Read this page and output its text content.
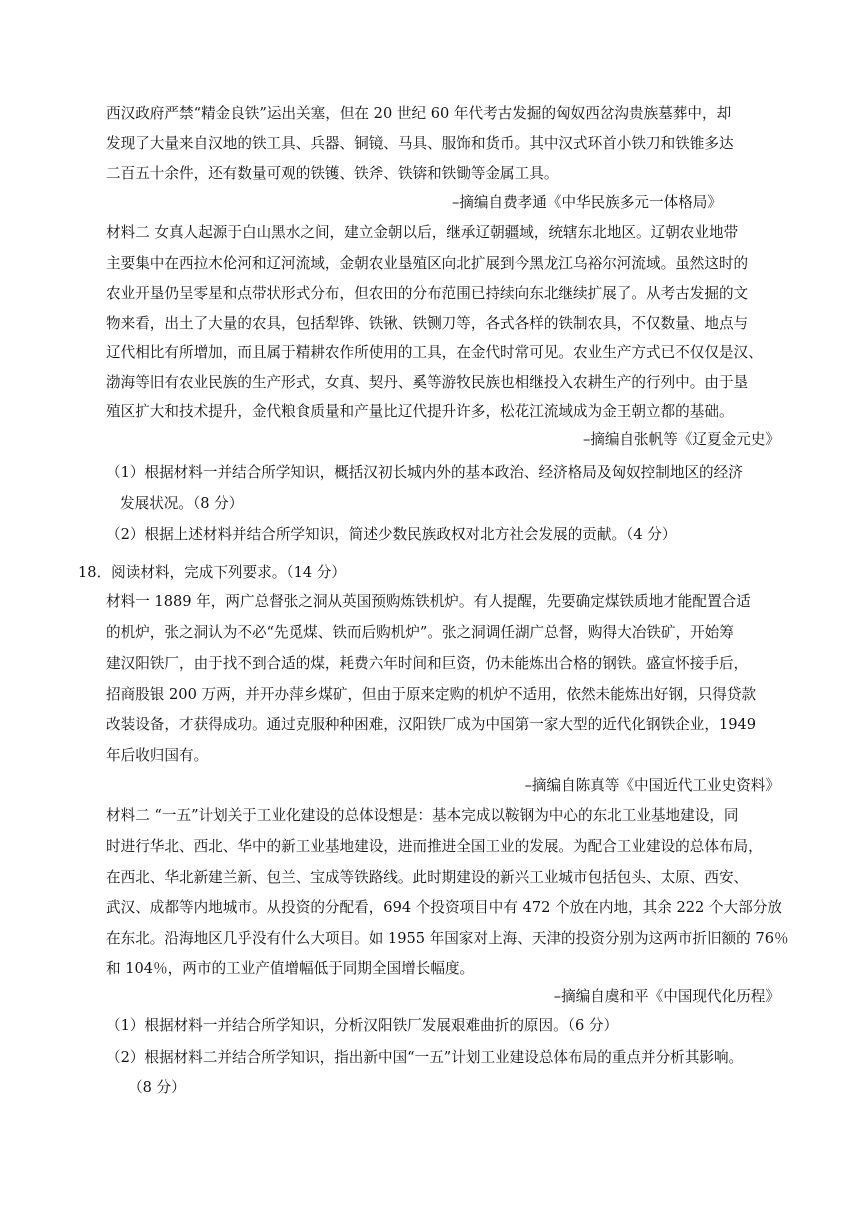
西汉政府严禁“精金良铁”运出关塞，但在 20 世纪 60 年代考古发掘的匈奴西岔沟贵族墓葬中，却
发现了大量来自汉地的铁工具、兵器、铜镜、马具、服饰和货币。其中汉式环首小铁刀和铁锥多达
二百五十余件，还有数量可观的铁镬、铁斧、铁锛和铁锄等金属工具。
–摘编自费孝通《中华民族多元一体格局》
材料二 女真人起源于白山黑水之间，建立金朝以后，继承辽朝疆域，统辖东北地区。辽朝农业地带
主要集中在西拉木伦河和辽河流域，金朝农业垦殖区向北扩展到今黑龙江乌裕尔河流域。虽然这时的
农业开垦仍呈零星和点带状形式分布，但农田的分布范围已持续向东北继续扩展了。从考古发掘的文
物来看，出土了大量的农具，包括犁铧、铁锹、铁铡刀等，各式各样的铁制农具，不仅数量、地点与
辽代相比有所增加，而且属于精耕农作所使用的工具，在金代时常可见。农业生产方式已不仅仅是汉、
渤海等旧有农业民族的生产形式，女真、契丹、奚等游牧民族也相继投入农耕生产的行列中。由于垦
殖区扩大和技术提升，金代粮食质量和产量比辽代提升许多，松花江流域成为金王朝立都的基础。
–摘编自张帆等《辽夏金元史》
（1）根据材料一并结合所学知识，概括汉初长城内外的基本政治、经济格局及匈奴控制地区的经济
发展状况。（8 分）
（2）根据上述材料并结合所学知识，简述少数民族政权对北方社会发展的贡献。（4 分）
18．阅读材料，完成下列要求。（14 分）
材料一 1889 年，两广总督张之洞从英国预购炼铁机炉。有人提醒，先要确定煤铁质地才能配置合适
的机炉，张之洞认为不必“先觅煤、铁而后购机炉”。张之洞调任湖广总督，购得大冶铁矿，开始筹
建汉阳铁厂，由于找不到合适的煤，耗费六年时间和巨资，仍未能炼出合格的钢铁。盛宣怀接手后，
招商股银 200 万两，并开办萍乡煤矿，但由于原来定购的机炉不适用，依然未能炼出好钢，只得贷款
改装设备，才获得成功。通过克服种种困难，汉阳铁厂成为中国第一家大型的近代化钢铁企业，1949
年后收归国有。
–摘编自陈真等《中国近代工业史资料》
材料二 “一五”计划关于工业化建设的总体设想是：基本完成以鞍钢为中心的东北工业基地建设，同
时进行华北、西北、华中的新工业基地建设，进而推进全国工业的发展。为配合工业建设的总体布局，
在西北、华北新建兰新、包兰、宝成等铁路线。此时期建设的新兴工业城市包括包头、太原、西安、
武汉、成都等内地城市。从投资的分配看，694 个投资项目中有 472 个放在内地，其余 222 个大部分放
在东北。沿海地区几乎没有什么大项目。如 1955 年国家对上海、天津的投资分别为这两市折旧额的 76％
和 104％，两市的工业产值增幅低于同期全国增长幅度。
–摘编自虞和平《中国现代化历程》
（1）根据材料一并结合所学知识，分析汉阳铁厂发展艰难曲折的原因。（6 分）
（2）根据材料二并结合所学知识，指出新中国“一五”计划工业建设总体布局的重点并分析其影响。
（8 分）
